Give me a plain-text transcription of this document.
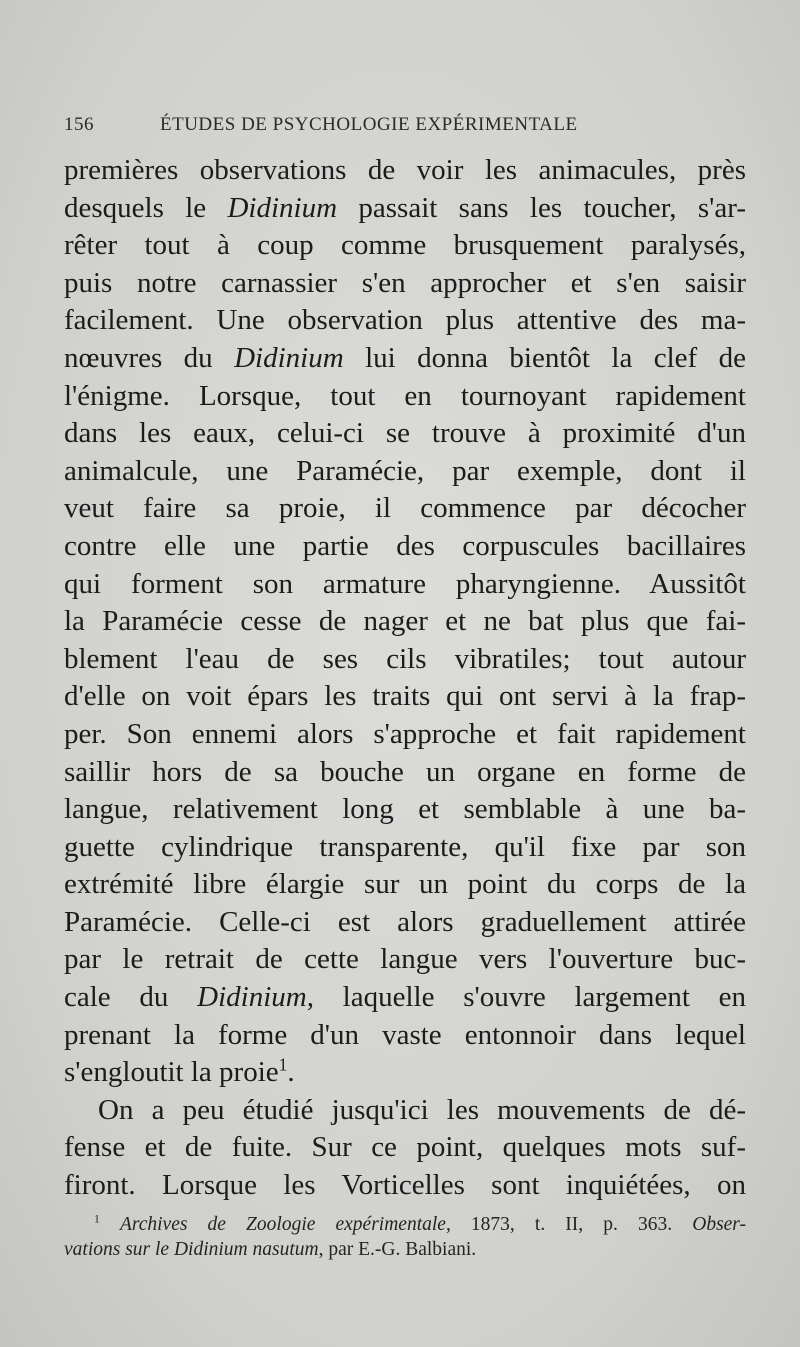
156	ÉTUDES DE PSYCHOLOGIE EXPÉRIMENTALE
premières observations de voir les animacules, près
desquels le Didinium passait sans les toucher, s'ar-
rêter tout à coup comme brusquement paralysés,
puis notre carnassier s'en approcher et s'en saisir
facilement. Une observation plus attentive des ma-
nœuvres du Didinium lui donna bientôt la clef de
l'énigme. Lorsque, tout en tournoyant rapidement
dans les eaux, celui-ci se trouve à proximité d'un
animalcule, une Paramécie, par exemple, dont il
veut faire sa proie, il commence par décocher
contre elle une partie des corpuscules bacillaires
qui forment son armature pharyngienne. Aussitôt
la Paramécie cesse de nager et ne bat plus que fai-
blement l'eau de ses cils vibratiles; tout autour
d'elle on voit épars les traits qui ont servi à la frap-
per. Son ennemi alors s'approche et fait rapidement
saillir hors de sa bouche un organe en forme de
langue, relativement long et semblable à une ba-
guette cylindrique transparente, qu'il fixe par son
extrémité libre élargie sur un point du corps de la
Paramécie. Celle-ci est alors graduellement attirée
par le retrait de cette langue vers l'ouverture buc-
cale du Didinium, laquelle s'ouvre largement en
prenant la forme d'un vaste entonnoir dans lequel
s'engloutit la proie$^1$.
On a peu étudié jusqu'ici les mouvements de dé-
fense et de fuite. Sur ce point, quelques mots suf-
firont. Lorsque les Vorticelles sont inquiétées, on
$^1$ Archives de Zoologie expérimentale, 1873, t. II, p. 363. Obser-
vations sur le Didinium nasutum, par E.-G. Balbiani.
